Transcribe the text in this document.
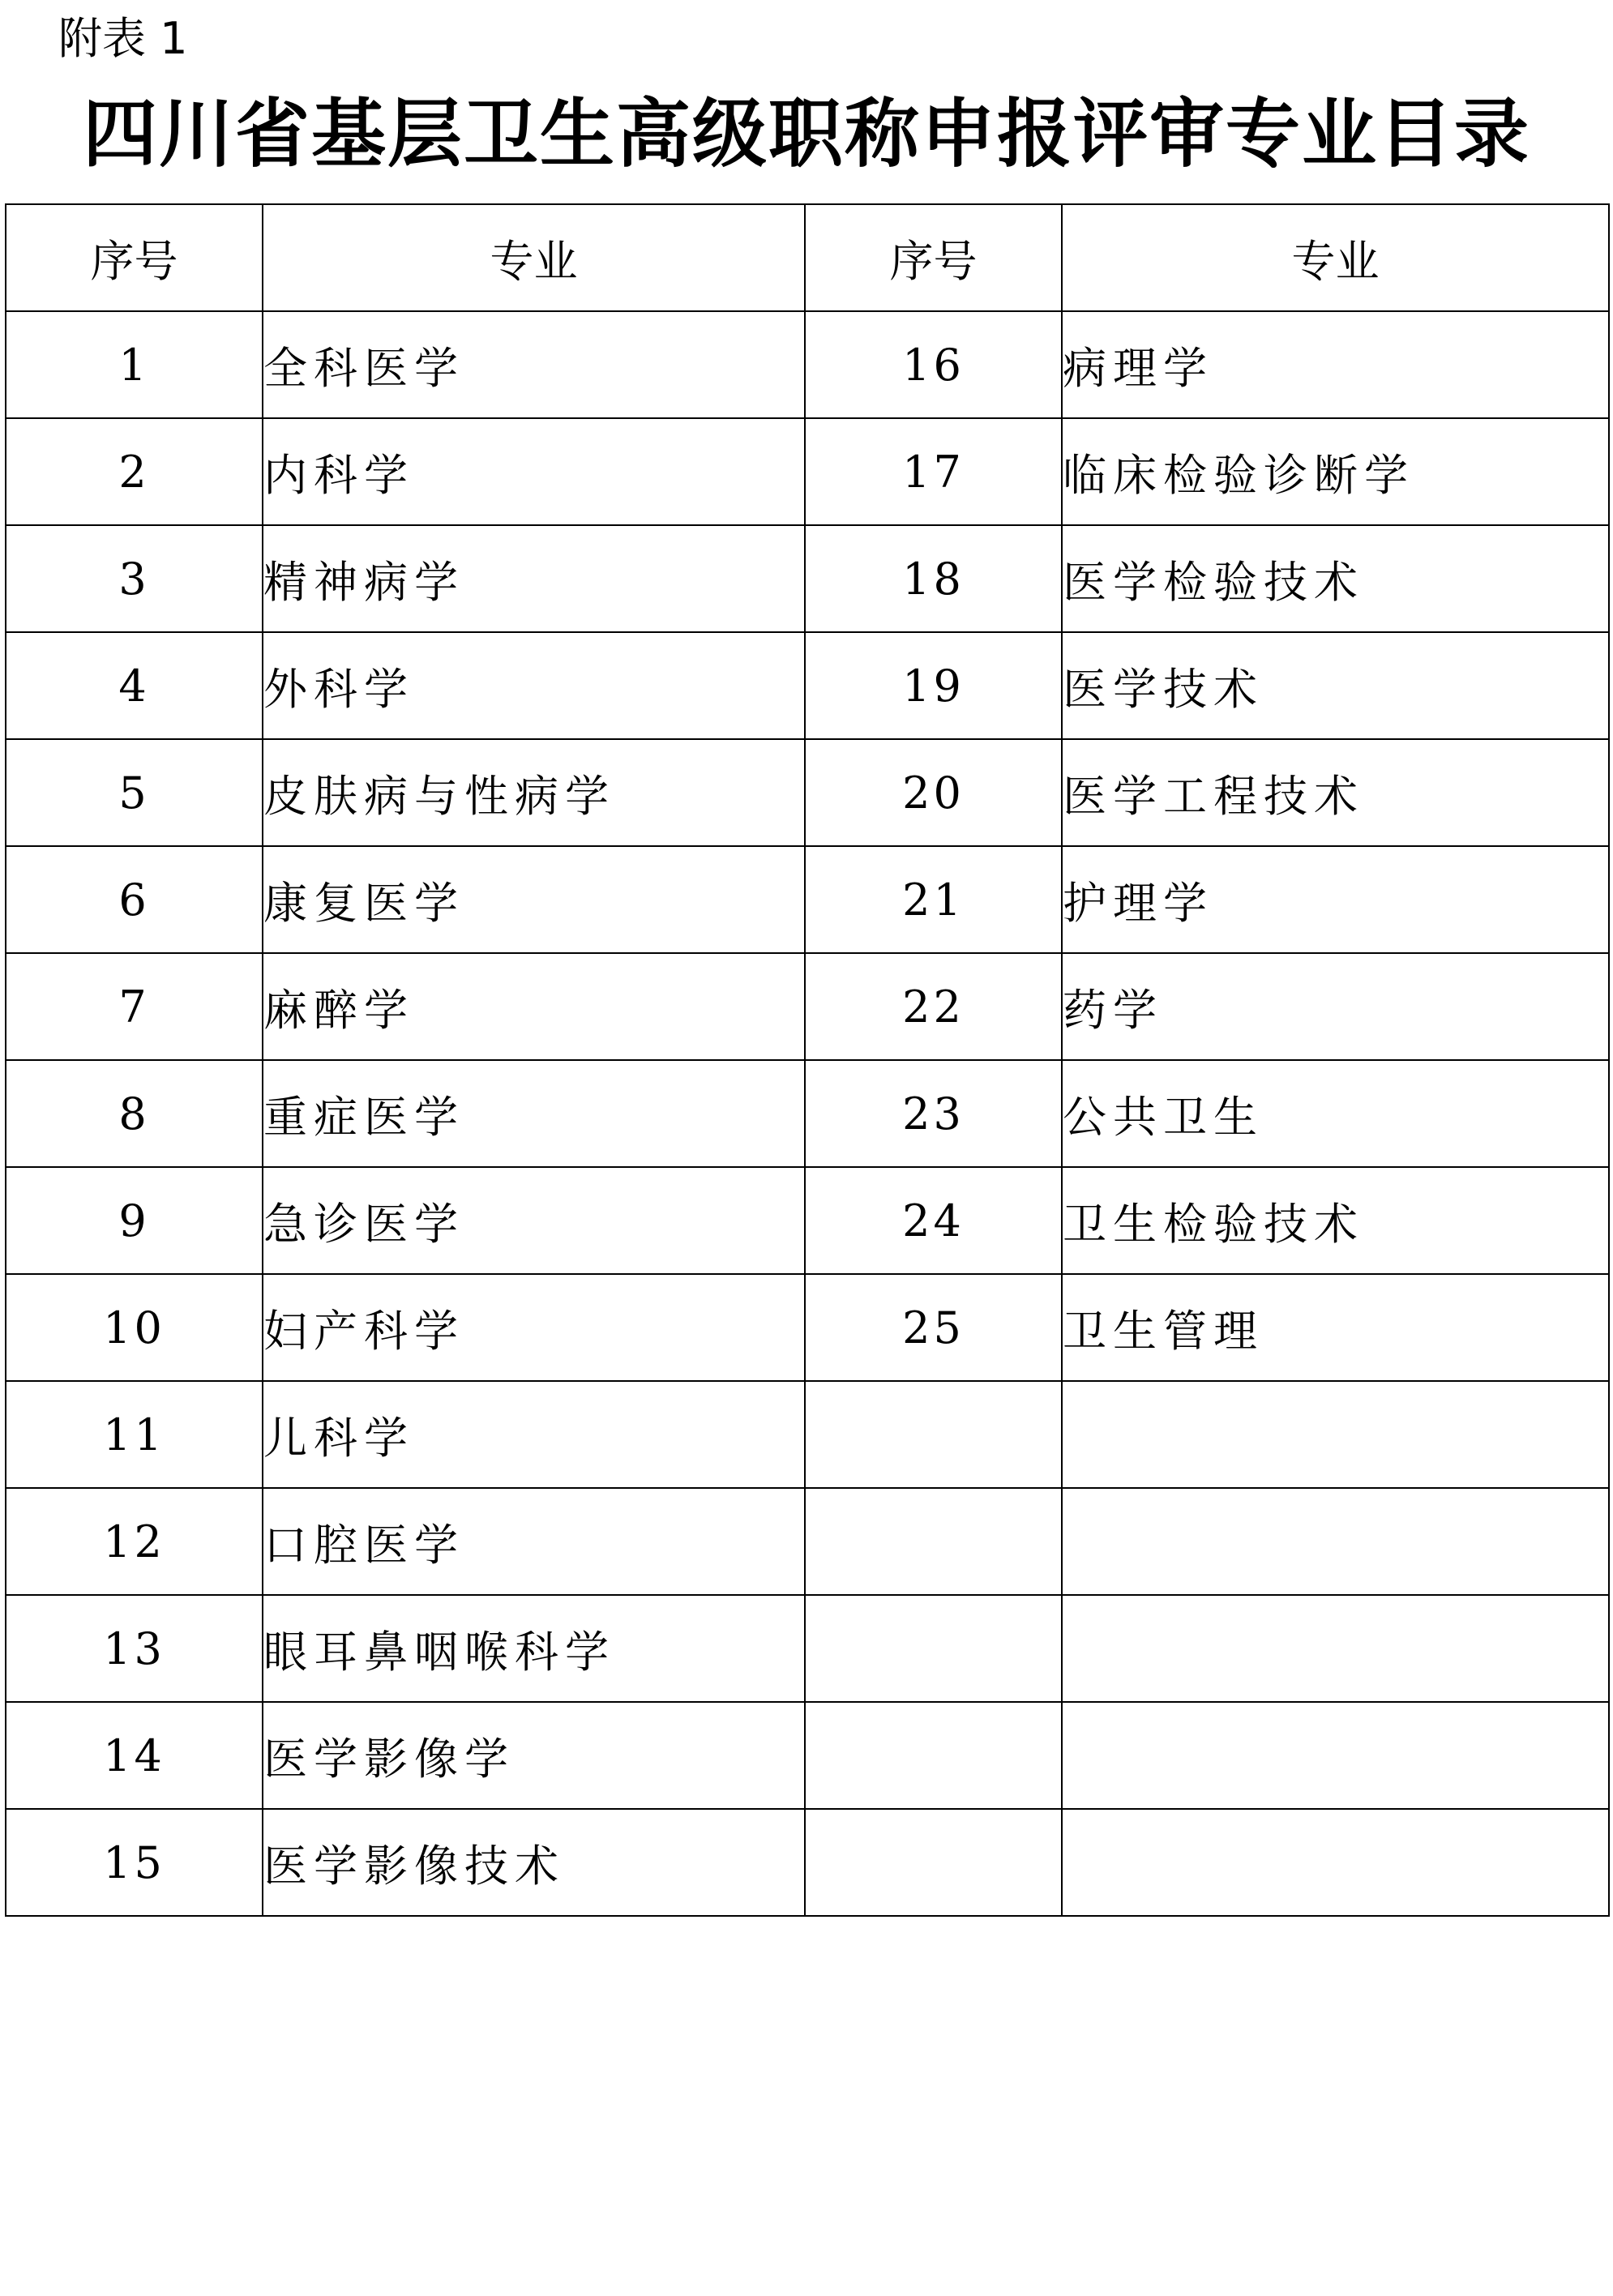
附表 1
四川省基层卫生高级职称申报评审专业目录
序号	专业	序号	专业
1	全科医学	16	病理学
2	内科学	17	临床检验诊断学
3	精神病学	18	医学检验技术
4	外科学	19	医学技术
5	皮肤病与性病学	20	医学工程技术
6	康复医学	21	护理学
7	麻醉学	22	药学
8	重症医学	23	公共卫生
9	急诊医学	24	卫生检验技术
10	妇产科学	25	卫生管理
11	儿科学		
12	口腔医学		
13	眼耳鼻咽喉科学		
14	医学影像学		
15	医学影像技术		
